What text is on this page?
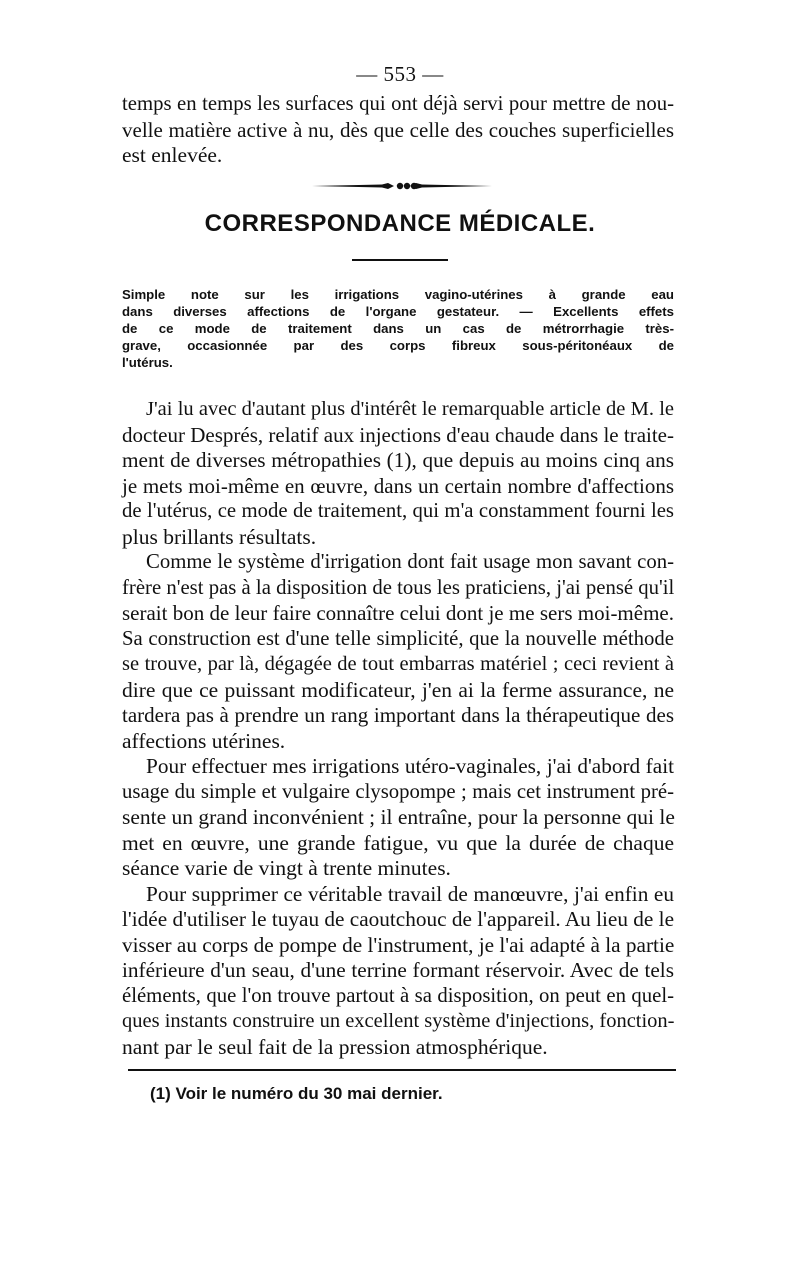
— 553 —
temps en temps les surfaces qui ont déjà servi pour mettre de nou-
velle matière active à nu, dès que celle des couches superficielles
est enlevée.
CORRESPONDANCE MÉDICALE.
Simple note sur les irrigations vagino-utérines à grande eau
dans diverses affections de l'organe gestateur. — Excellents effets
de ce mode de traitement dans un cas de métrorrhagie très-
grave, occasionnée par des corps fibreux sous-péritonéaux de
l'utérus.
J'ai lu avec d'autant plus d'intérêt le remarquable article de M. le
docteur Després, relatif aux injections d'eau chaude dans le traite-
ment de diverses métropathies (1), que depuis au moins cinq ans
je mets moi-même en œuvre, dans un certain nombre d'affections
de l'utérus, ce mode de traitement, qui m'a constamment fourni les
plus brillants résultats.
Comme le système d'irrigation dont fait usage mon savant con-
frère n'est pas à la disposition de tous les praticiens, j'ai pensé qu'il
serait bon de leur faire connaître celui dont je me sers moi-même.
Sa construction est d'une telle simplicité, que la nouvelle méthode
se trouve, par là, dégagée de tout embarras matériel ; ceci revient à
dire que ce puissant modificateur, j'en ai la ferme assurance, ne
tardera pas à prendre un rang important dans la thérapeutique des
affections utérines.
Pour effectuer mes irrigations utéro-vaginales, j'ai d'abord fait
usage du simple et vulgaire clysopompe ; mais cet instrument pré-
sente un grand inconvénient ; il entraîne, pour la personne qui le
met en œuvre, une grande fatigue, vu que la durée de chaque
séance varie de vingt à trente minutes.
Pour supprimer ce véritable travail de manœuvre, j'ai enfin eu
l'idée d'utiliser le tuyau de caoutchouc de l'appareil. Au lieu de le
visser au corps de pompe de l'instrument, je l'ai adapté à la partie
inférieure d'un seau, d'une terrine formant réservoir. Avec de tels
éléments, que l'on trouve partout à sa disposition, on peut en quel-
ques instants construire un excellent système d'injections, fonction-
nant par le seul fait de la pression atmosphérique.
(1) Voir le numéro du 30 mai dernier.
